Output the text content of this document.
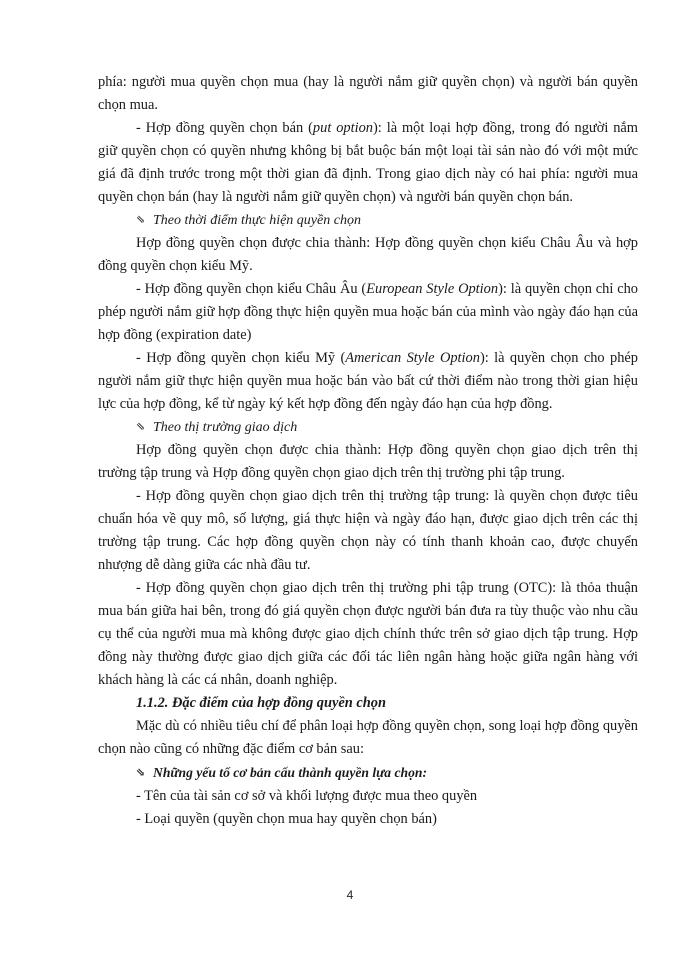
phía: người mua quyền chọn mua (hay là người nắm giữ quyền chọn) và người bán quyền chọn mua.

- Hợp đồng quyền chọn bán (put option): là một loại hợp đồng, trong đó người nắm giữ quyền chọn có quyền nhưng không bị bắt buộc bán một loại tài sản nào đó với một mức giá đã định trước trong một thời gian đã định. Trong giao dịch này có hai phía: người mua quyền chọn bán (hay là người nắm giữ quyền chọn) và người bán quyền chọn bán.

⇘ Theo thời điểm thực hiện quyền chọn

Hợp đồng quyền chọn được chia thành: Hợp đồng quyền chọn kiểu Châu Âu và hợp đồng quyền chọn kiểu Mỹ.

- Hợp đồng quyền chọn kiểu Châu Âu (European Style Option): là quyền chọn chỉ cho phép người nắm giữ hợp đồng thực hiện quyền mua hoặc bán của mình vào ngày đáo hạn của hợp đồng (expiration date)

- Hợp đồng quyền chọn kiểu Mỹ (American Style Option): là quyền chọn cho phép người nắm giữ thực hiện quyền mua hoặc bán vào bất cứ thời điểm nào trong thời gian hiệu lực của hợp đồng, kể từ ngày ký kết hợp đồng đến ngày đáo hạn của hợp đồng.

⇘ Theo thị trường giao dịch

Hợp đồng quyền chọn được chia thành: Hợp đồng quyền chọn giao dịch trên thị trường tập trung và Hợp đồng quyền chọn giao dịch trên thị trường phi tập trung.

- Hợp đồng quyền chọn giao dịch trên thị trường tập trung: là quyền chọn được tiêu chuẩn hóa về quy mô, số lượng, giá thực hiện và ngày đáo hạn, được giao dịch trên các thị trường tập trung. Các hợp đồng quyền chọn này có tính thanh khoản cao, được chuyển nhượng dễ dàng giữa các nhà đầu tư.

- Hợp đồng quyền chọn giao dịch trên thị trường phi tập trung (OTC): là thỏa thuận mua bán giữa hai bên, trong đó giá quyền chọn được người bán đưa ra tùy thuộc vào nhu cầu cụ thể của người mua mà không được giao dịch chính thức trên sở giao dịch tập trung. Hợp đồng này thường được giao dịch giữa các đối tác liên ngân hàng hoặc giữa ngân hàng với khách hàng là các cá nhân, doanh nghiệp.

1.1.2. Đặc điểm của hợp đồng quyền chọn

Mặc dù có nhiều tiêu chí để phân loại hợp đồng quyền chọn, song loại hợp đồng quyền chọn nào cũng có những đặc điểm cơ bản sau:

⇘ Những yếu tố cơ bản cấu thành quyền lựa chọn:

- Tên của tài sản cơ sở và khối lượng được mua theo quyền

- Loại quyền (quyền chọn mua hay quyền chọn bán)

4
